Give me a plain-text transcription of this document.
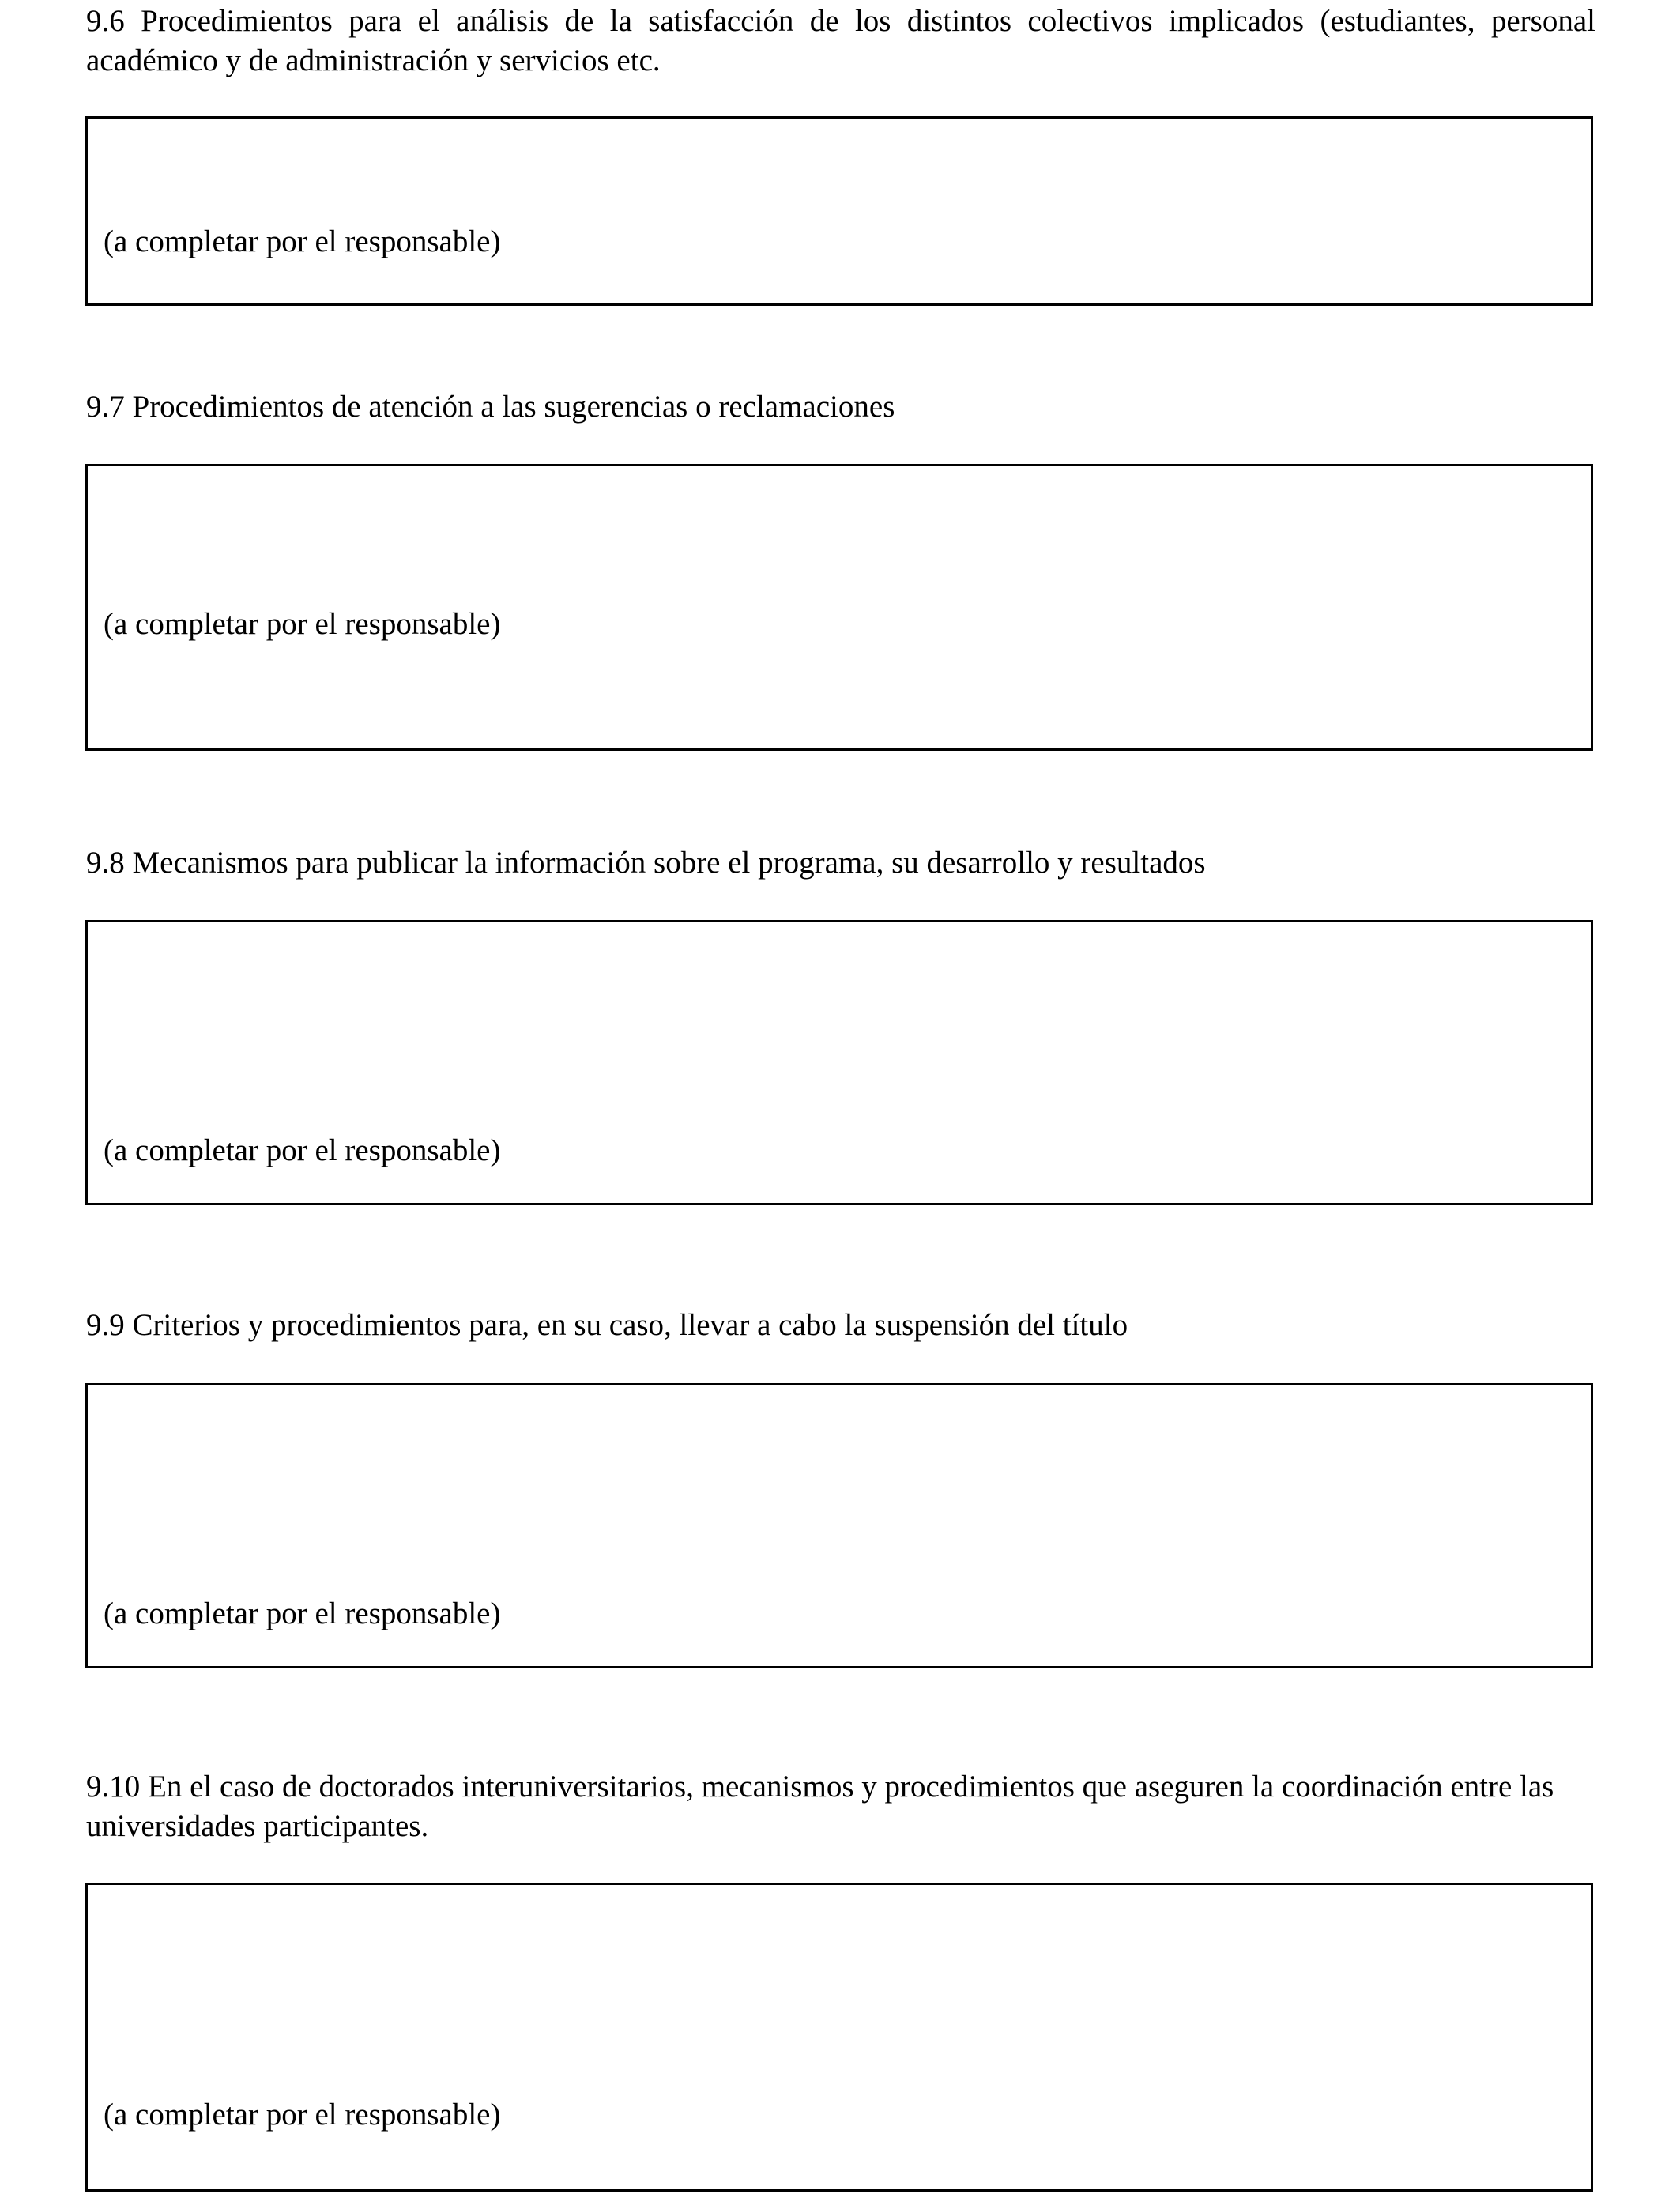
9.6 Procedimientos para el análisis de la satisfacción de los distintos colectivos implicados (estudiantes, personal académico y de administración y servicios etc.

(a completar por el responsable)

9.7 Procedimientos de atención a las sugerencias o reclamaciones

(a completar por el responsable)

9.8 Mecanismos para publicar la información sobre el programa, su desarrollo y resultados

(a completar por el responsable)

9.9 Criterios y procedimientos para, en su caso, llevar a cabo la suspensión del título

(a completar por el responsable)

9.10 En el caso de doctorados interuniversitarios, mecanismos y procedimientos que aseguren la coordinación entre las universidades participantes.

(a completar por el responsable)
